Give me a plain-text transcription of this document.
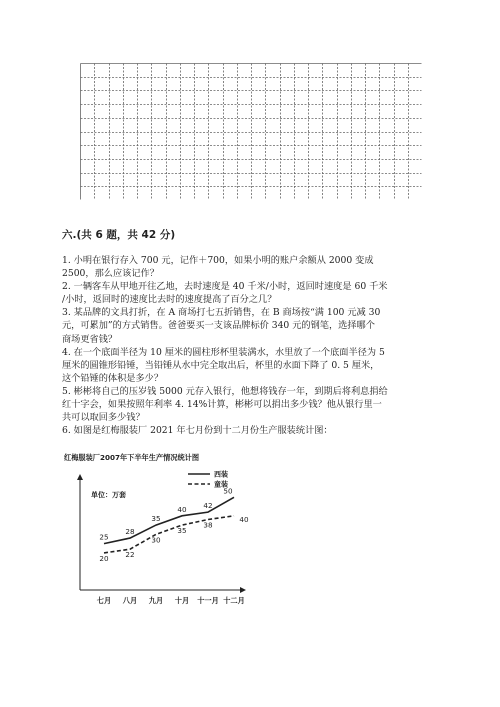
六.(共 6 题，共 42 分)
1. 小明在银行存入 700 元，记作＋700，如果小明的账户余额从 2000 变成
2500，那么应该记作？
2. 一辆客车从甲地开往乙地，去时速度是 40 千米/小时，返回时速度是 60 千米
/小时，返回时的速度比去时的速度提高了百分之几？
3. 某品牌的文具打折，在 A 商场打七五折销售，在 B 商场按“满 100 元减 30
元，可累加”的方式销售。爸爸要买一支该品牌标价 340 元的钢笔，选择哪个
商场更省钱？
4. 在一个底面半径为 10 厘米的圆柱形杯里装满水，水里放了一个底面半径为 5
厘米的圆锥形铅锤，当铅锤从水中完全取出后，杯里的水面下降了 0. 5 厘米，
这个铅锤的体积是多少？
5. 彬彬将自己的压岁钱 5000 元存入银行，他想将钱存一年，到期后将利息捐给
红十字会，如果按照年利率 4. 14%计算，彬彬可以捐出多少钱？他从银行里一
共可以取回多少钱？
6. 如图是红梅服装厂 2021 年七月份到十二月份生产服装统计图：
红梅服装厂2007年下半年生产情况统计图
单位：万套
七月 八月 九月 十月 十一月 十二月
西装
童装
25
28
35
40 42
50
20 22
30
35
38
40
